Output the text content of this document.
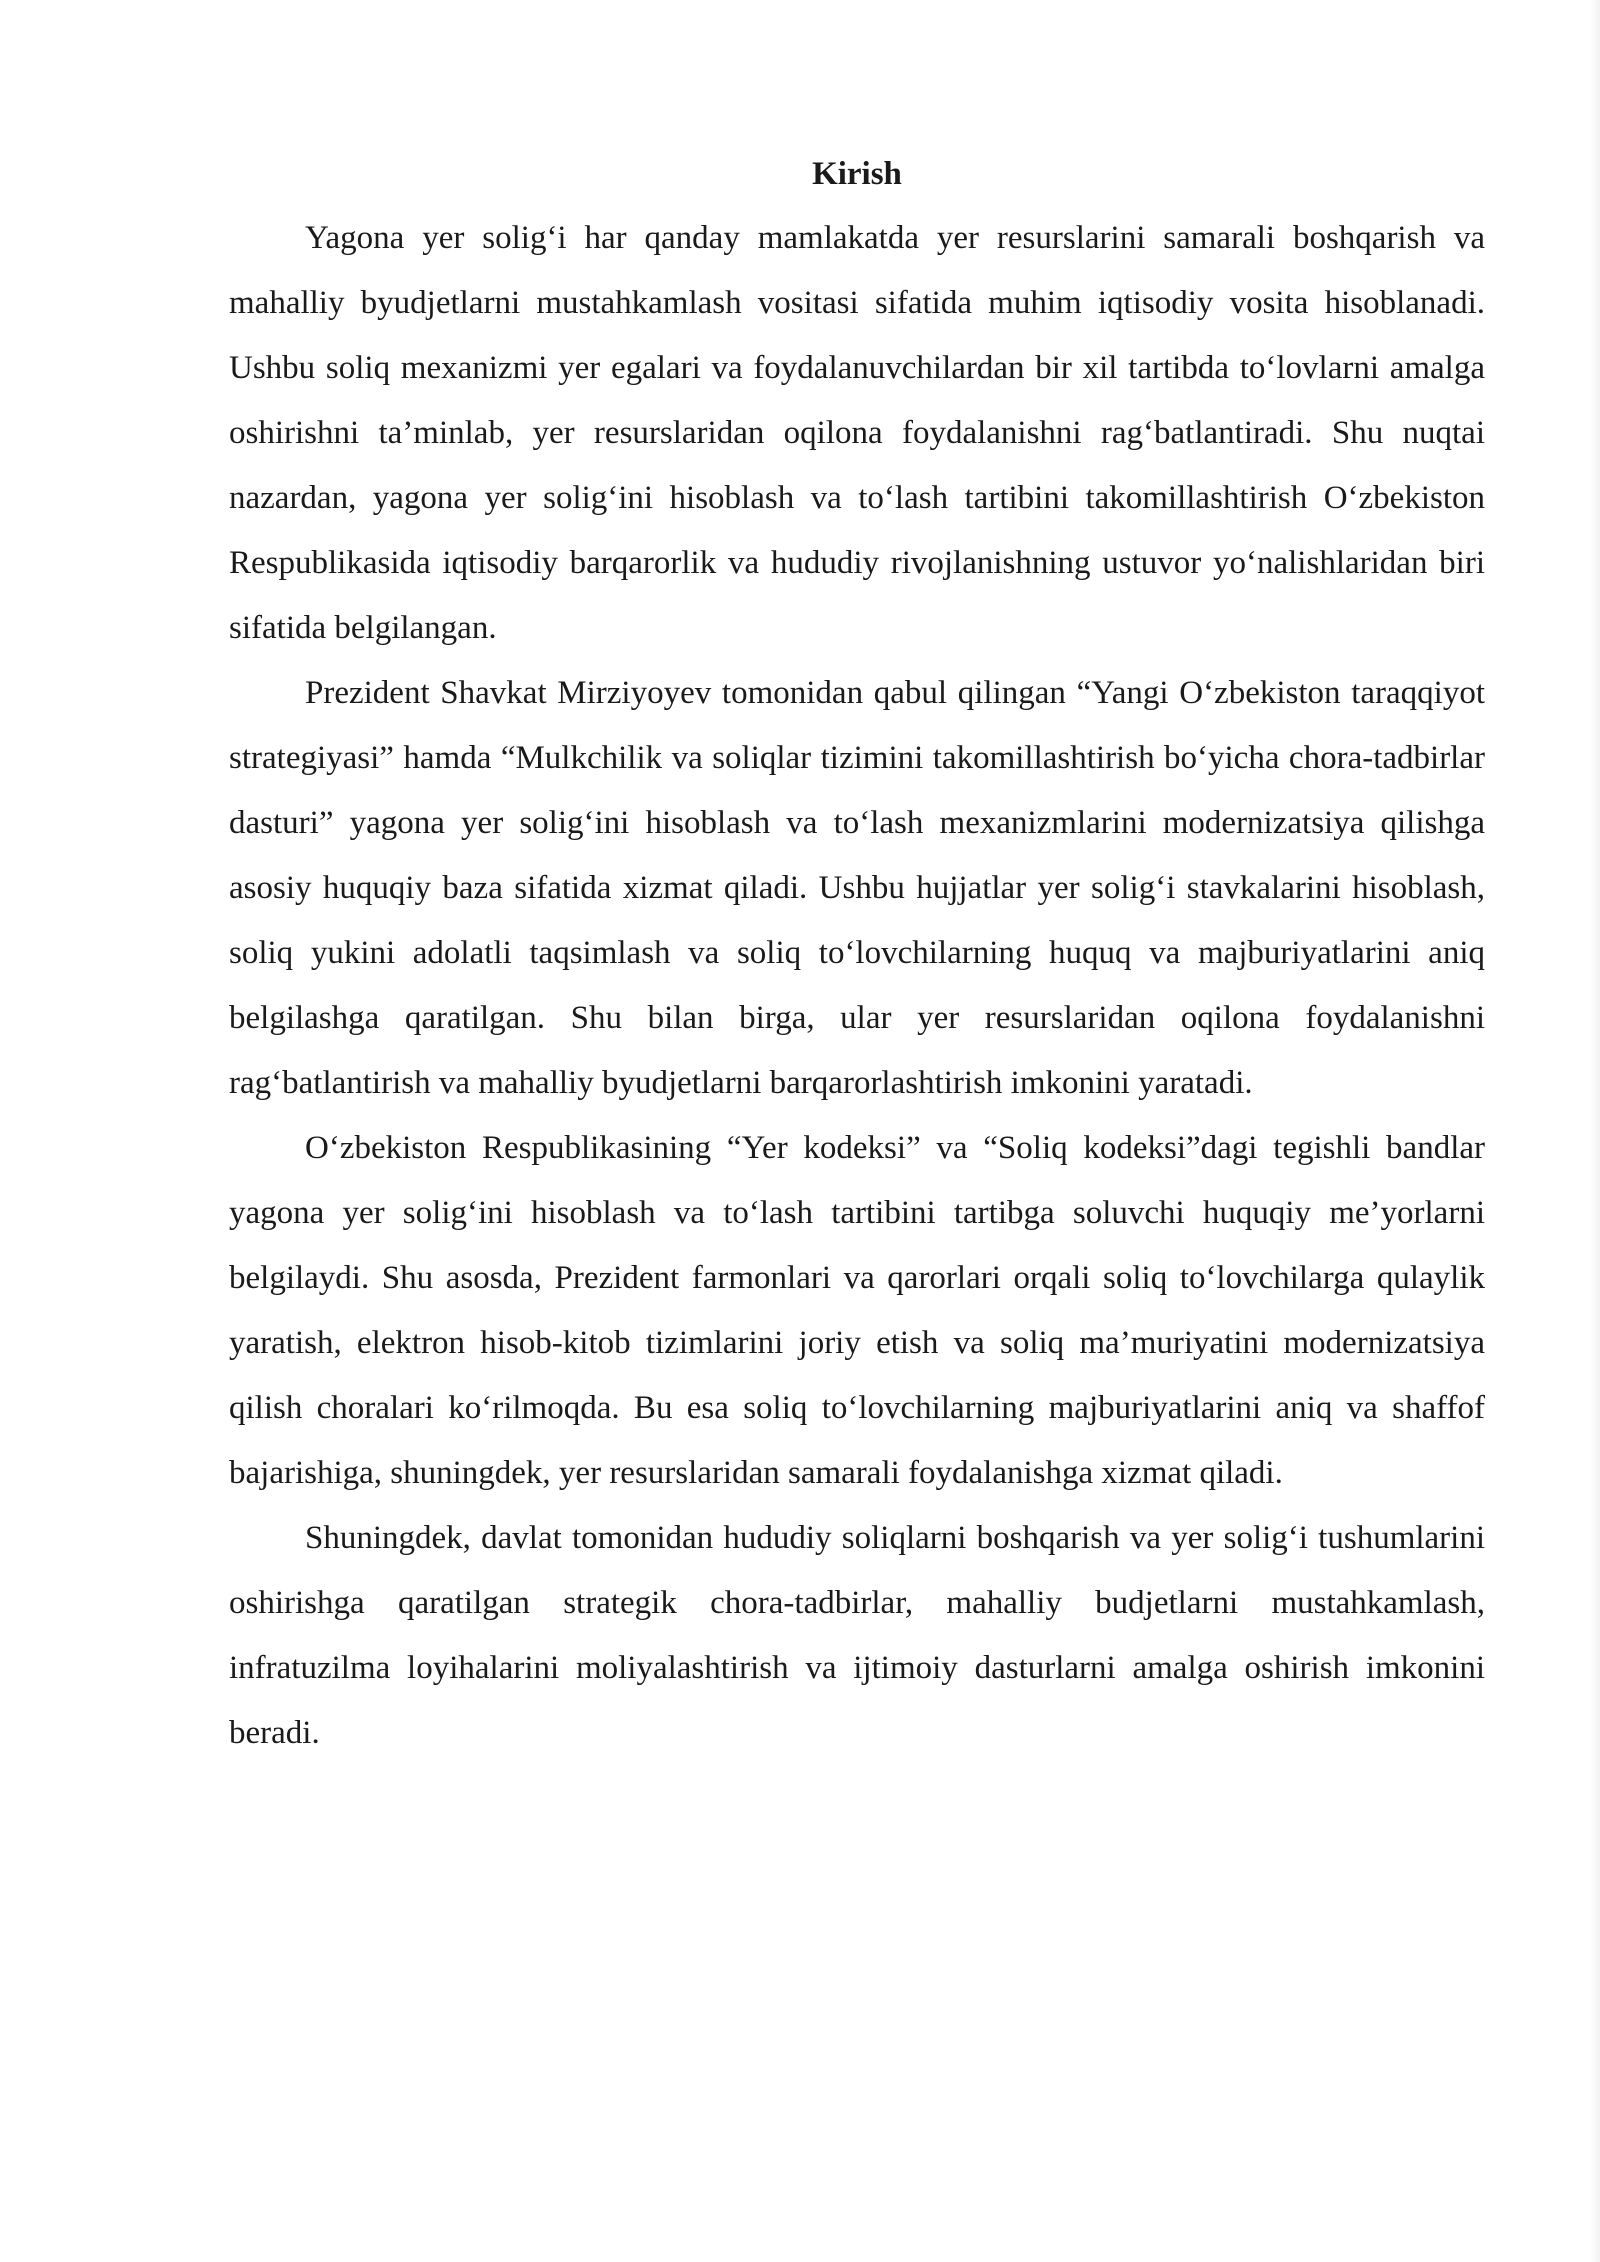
Kirish

Yagona yer solig‘i har qanday mamlakatda yer resurslarini samarali boshqarish va mahalliy byudjetlarni mustahkamlash vositasi sifatida muhim iqtisodiy vosita hisoblanadi. Ushbu soliq mexanizmi yer egalari va foydalanuvchilardan bir xil tartibda to‘lovlarni amalga oshirishni ta’minlab, yer resurslaridan oqilona foydalanishni rag‘batlantiradi. Shu nuqtai nazardan, yagona yer solig‘ini hisoblash va to‘lash tartibini takomillashtirish O‘zbekiston Respublikasida iqtisodiy barqarorlik va hududiy rivojlanishning ustuvor yo‘nalishlaridan biri sifatida belgilangan.

Prezident Shavkat Mirziyoyev tomonidan qabul qilingan “Yangi O‘zbekiston taraqqiyot strategiyasi” hamda “Mulkchilik va soliqlar tizimini takomillashtirish bo‘yicha chora-tadbirlar dasturi” yagona yer solig‘ini hisoblash va to‘lash mexanizmlarini modernizatsiya qilishga asosiy huquqiy baza sifatida xizmat qiladi. Ushbu hujjatlar yer solig‘i stavkalarini hisoblash, soliq yukini adolatli taqsimlash va soliq to‘lovchilarning huquq va majburiyatlarini aniq belgilashga qaratilgan. Shu bilan birga, ular yer resurslaridan oqilona foydalanishni rag‘batlantirish va mahalliy byudjetlarni barqarorlashtirish imkonini yaratadi.

O‘zbekiston Respublikasining “Yer kodeksi” va “Soliq kodeksi”dagi tegishli bandlar yagona yer solig‘ini hisoblash va to‘lash tartibini tartibga soluvchi huquqiy me’yorlarni belgilaydi. Shu asosda, Prezident farmonlari va qarorlari orqali soliq to‘lovchilarga qulaylik yaratish, elektron hisob-kitob tizimlarini joriy etish va soliq ma’muriyatini modernizatsiya qilish choralari ko‘rilmoqda. Bu esa soliq to‘lovchilarning majburiyatlarini aniq va shaffof bajarishiga, shuningdek, yer resurslaridan samarali foydalanishga xizmat qiladi.

Shuningdek, davlat tomonidan hududiy soliqlarni boshqarish va yer solig‘i tushumlarini oshirishga qaratilgan strategik chora-tadbirlar, mahalliy budjetlarni mustahkamlash, infratuzilma loyihalarini moliyalashtirish va ijtimoiy dasturlarni amalga oshirish imkonini beradi.
